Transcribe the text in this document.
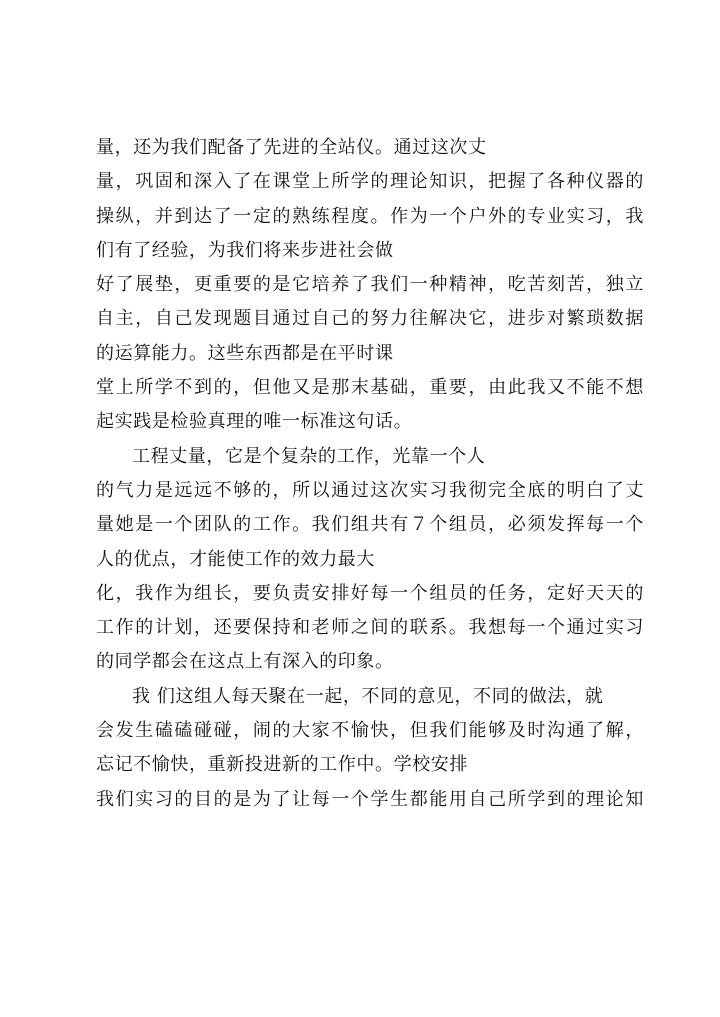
量，还为我们配备了先进的全站仪。通过这次丈
量，巩固和深入了在课堂上所学的理论知识，把握了各种仪器的
操纵，并到达了一定的熟练程度。作为一个户外的专业实习，我
们有了经验，为我们将来步进社会做
好了展垫，更重要的是它培养了我们一种精神，吃苦刻苦，独立
自主，自己发现题目通过自己的努力往解决它，进步对繁琐数据
的运算能力。这些东西都是在平时课
堂上所学不到的，但他又是那末基础，重要，由此我又不能不想
起实践是检验真理的唯一标准这句话。
工程丈量，它是个复杂的工作，光靠一个人
的气力是远远不够的，所以通过这次实习我彻完全底的明白了丈
量她是一个团队的工作。我们组共有７个组员，必须发挥每一个
人的优点，才能使工作的效力最大
化，我作为组长，要负责安排好每一个组员的任务，定好天天的
工作的计划，还要保持和老师之间的联系。我想每一个通过实习
的同学都会在这点上有深入的印象。
我 们这组人每天聚在一起，不同的意见，不同的做法，就
会发生磕磕碰碰，闹的大家不愉快，但我们能够及时沟通了解，
忘记不愉快，重新投进新的工作中。学校安排
我们实习的目的是为了让每一个学生都能用自己所学到的理论知
